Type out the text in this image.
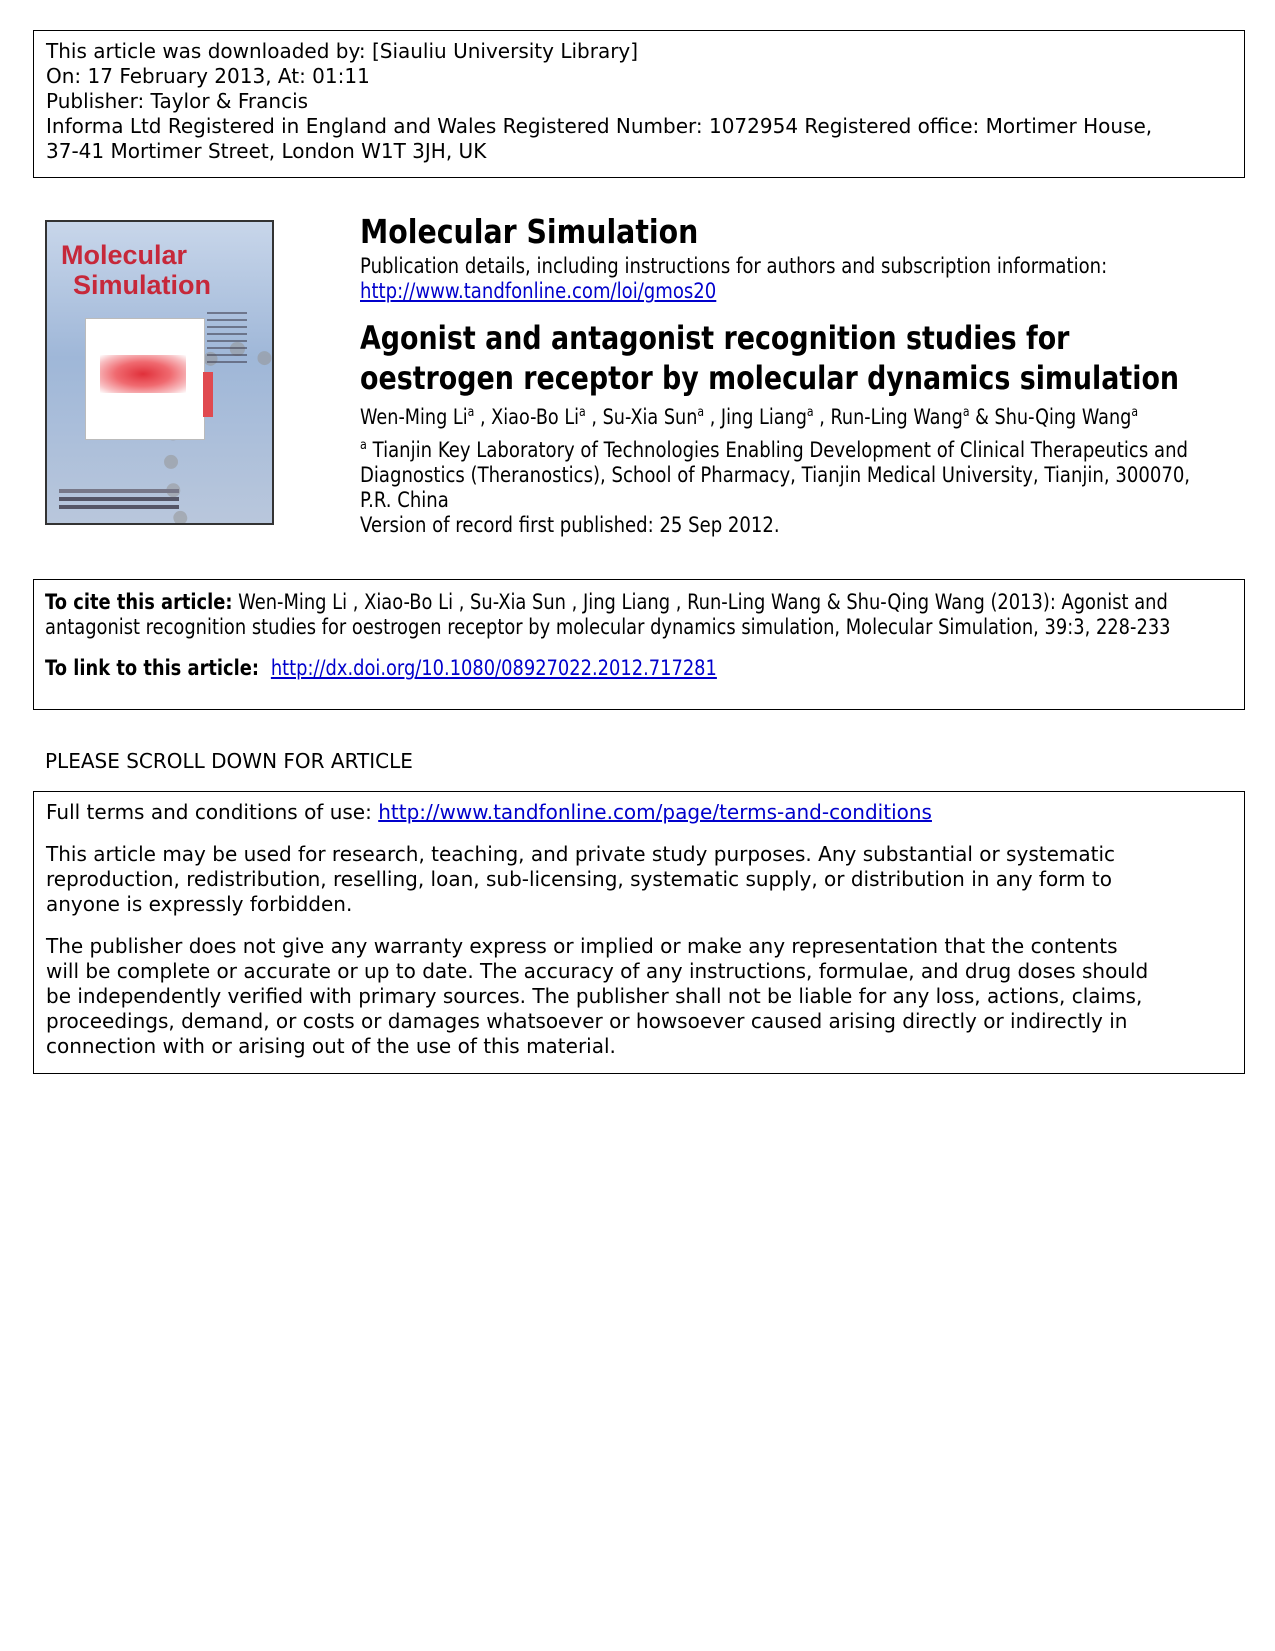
This article was downloaded by: [Siauliu University Library]
On: 17 February 2013, At: 01:11
Publisher: Taylor & Francis
Informa Ltd Registered in England and Wales Registered Number: 1072954 Registered office: Mortimer House,
37-41 Mortimer Street, London W1T 3JH, UK
Molecular
Simulation
Molecular Simulation
Publication details, including instructions for authors and subscription information:
http://www.tandfonline.com/loi/gmos20
Agonist and antagonist recognition studies for
oestrogen receptor by molecular dynamics simulation
Wen-Ming Li$^a$ , Xiao-Bo Li$^a$ , Su-Xia Sun$^a$ , Jing Liang$^a$ , Run-Ling Wang$^a$ & Shu-Qing Wang$^a$
$^a$ Tianjin Key Laboratory of Technologies Enabling Development of Clinical Therapeutics and
Diagnostics (Theranostics), School of Pharmacy, Tianjin Medical University, Tianjin, 300070,
P.R. China
Version of record first published: 25 Sep 2012.
To cite this article: Wen-Ming Li , Xiao-Bo Li , Su-Xia Sun , Jing Liang , Run-Ling Wang & Shu-Qing Wang (2013): Agonist and
antagonist recognition studies for oestrogen receptor by molecular dynamics simulation, Molecular Simulation, 39:3, 228-233
To link to this article:  http://dx.doi.org/10.1080/08927022.2012.717281
PLEASE SCROLL DOWN FOR ARTICLE
Full terms and conditions of use: http://www.tandfonline.com/page/terms-and-conditions
This article may be used for research, teaching, and private study purposes. Any substantial or systematic
reproduction, redistribution, reselling, loan, sub-licensing, systematic supply, or distribution in any form to
anyone is expressly forbidden.
The publisher does not give any warranty express or implied or make any representation that the contents
will be complete or accurate or up to date. The accuracy of any instructions, formulae, and drug doses should
be independently verified with primary sources. The publisher shall not be liable for any loss, actions, claims,
proceedings, demand, or costs or damages whatsoever or howsoever caused arising directly or indirectly in
connection with or arising out of the use of this material.
